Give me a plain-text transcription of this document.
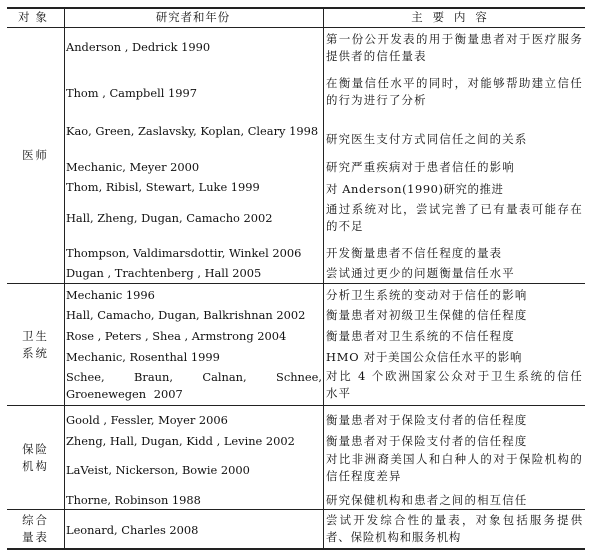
对象	研究者和年份	主要内容
医师
卫生系统
保险机构
综合量表
Anderson , Dedrick 1990
Thom , Campbell 1997
Kao, Green, Zaslavsky, Koplan, Cleary 1998
Mechanic, Meyer 2000
Thom, Ribisl, Stewart, Luke 1999
Hall, Zheng, Dugan, Camacho 2002
Thompson, Valdimarsdottir, Winkel 2006
Dugan , Trachtenberg , Hall 2005
Mechanic 1996
Hall, Camacho, Dugan, Balkrishnan 2002
Rose , Peters , Shea , Armstrong 2004
Mechanic, Rosenthal 1999
Schee, Braun, Calnan, Schnee, Groenewegen 2007
Goold , Fessler, Moyer 2006
Zheng, Hall, Dugan, Kidd , Levine 2002
LaVeist, Nickerson, Bowie 2000
Thorne, Robinson 1988
Leonard, Charles 2008
第一份公开发表的用于衡量患者对于医疗服务提供者的信任量表
在衡量信任水平的同时，对能够帮助建立信任的行为进行了分析
研究医生支付方式同信任之间的关系
研究严重疾病对于患者信任的影响
对 Anderson(1990)研究的推进
通过系统对比，尝试完善了已有量表可能存在的不足
开发衡量患者不信任程度的量表
尝试通过更少的问题衡量信任水平
分析卫生系统的变动对于信任的影响
衡量患者对初级卫生保健的信任程度
衡量患者对卫生系统的不信任程度
HMO 对于美国公众信任水平的影响
对比 4 个欧洲国家公众对于卫生系统的信任水平
衡量患者对于保险支付者的信任程度
衡量患者对于保险支付者的信任程度
对比非洲裔美国人和白种人的对于保险机构的信任程度差异
研究保健机构和患者之间的相互信任
尝试开发综合性的量表，对象包括服务提供者、保险机构和服务机构
